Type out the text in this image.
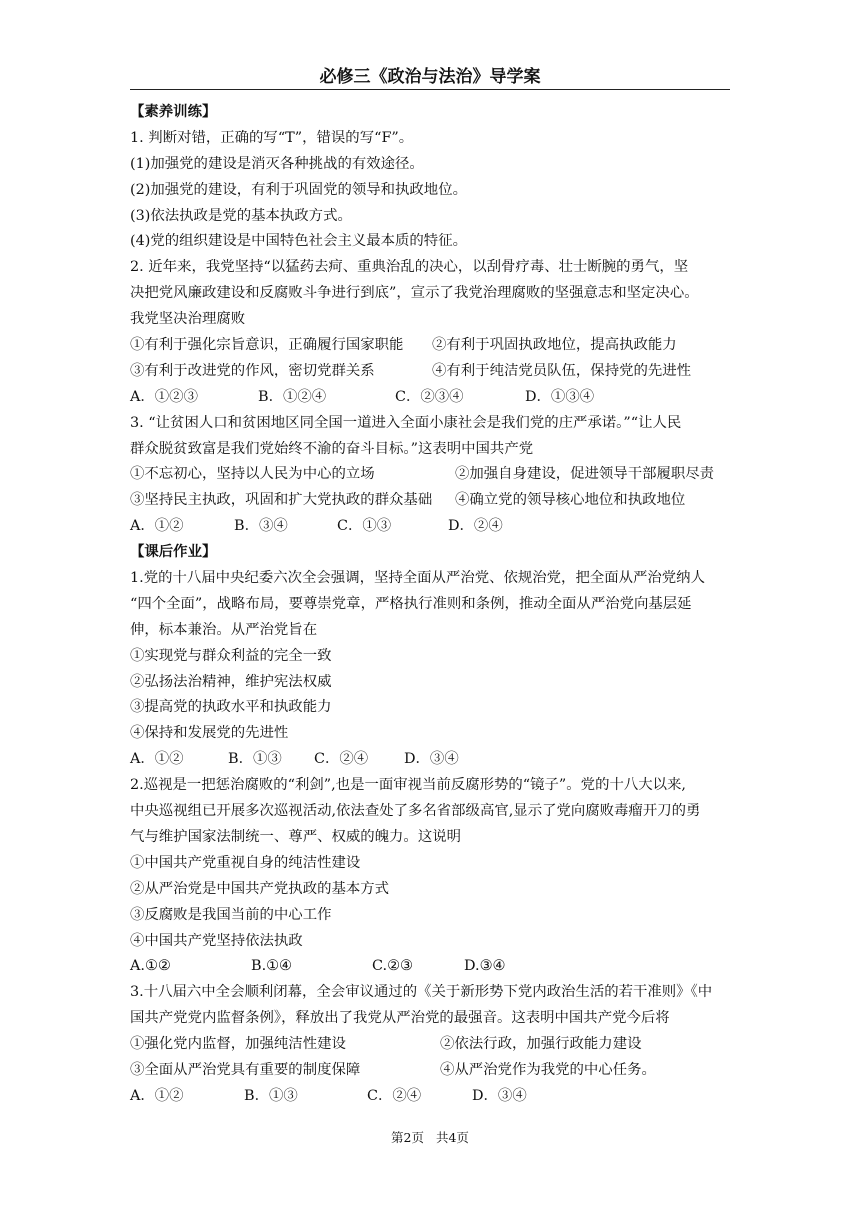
必修三《政治与法治》导学案
【素养训练】
1. 判断对错，正确的写“T”，错误的写“F”。
(1)加强党的建设是消灭各种挑战的有效途径。
(2)加强党的建设，有利于巩固党的领导和执政地位。
(3)依法执政是党的基本执政方式。
(4)党的组织建设是中国特色社会主义最本质的特征。
2. 近年来，我党坚持“以猛药去疴、重典治乱的决心，以刮骨疗毒、壮士断腕的勇气，坚
决把党风廉政建设和反腐败斗争进行到底”，宣示了我党治理腐败的坚强意志和坚定决心。
我党坚决治理腐败
①有利于强化宗旨意识，正确履行国家职能 ②有利于巩固执政地位，提高执政能力
③有利于改进党的作风，密切党群关系	④有利于纯洁党员队伍，保持党的先进性
A．①②③	B．①②④	C．②③④	D．①③④
3. “让贫困人口和贫困地区同全国一道进入全面小康社会是我们党的庄严承诺。”“让人民
群众脱贫致富是我们党始终不渝的奋斗目标。”这表明中国共产党
①不忘初心，坚持以人民为中心的立场	②加强自身建设，促进领导干部履职尽责
③坚持民主执政，巩固和扩大党执政的群众基础 ④确立党的领导核心地位和执政地位
A．①②	B．③④	C．①③	D．②④
【课后作业】
1.党的十八届中央纪委六次全会强调，坚持全面从严治党、依规治党，把全面从严治党纳人
“四个全面”，战略布局，要尊崇党章，严格执行准则和条例，推动全面从严治党向基层延
伸，标本兼治。从严治党旨在
①实现党与群众利益的完全一致
②弘扬法治精神，维护宪法权威
③提高党的执政水平和执政能力
④保持和发展党的先进性
A．①②	B．①③ C．②④ D．③④
2.巡视是一把惩治腐败的“利剑”,也是一面审视当前反腐形势的“镜子”。党的十八大以来,
中央巡视组已开展多次巡视活动,依法查处了多名省部级高官,显示了党向腐败毒瘤开刀的勇
气与维护国家法制统一、尊严、权威的魄力。这说明
①中国共产党重视自身的纯洁性建设
②从严治党是中国共产党执政的基本方式
③反腐败是我国当前的中心工作
④中国共产党坚持依法执政
A.①②	B.①④	C.②③	D.③④
3.十八届六中全会顺利闭幕，全会审议通过的《关于新形势下党内政治生活的若干准则》《中
国共产党党内监督条例》，释放出了我党从严治党的最强音。这表明中国共产党今后将
①强化党内监督，加强纯洁性建设	②依法行政，加强行政能力建设
③全面从严治党具有重要的制度保障	④从严治党作为我党的中心任务。
A．①②	B．①③	C．②④	D．③④
第2页 共4页
